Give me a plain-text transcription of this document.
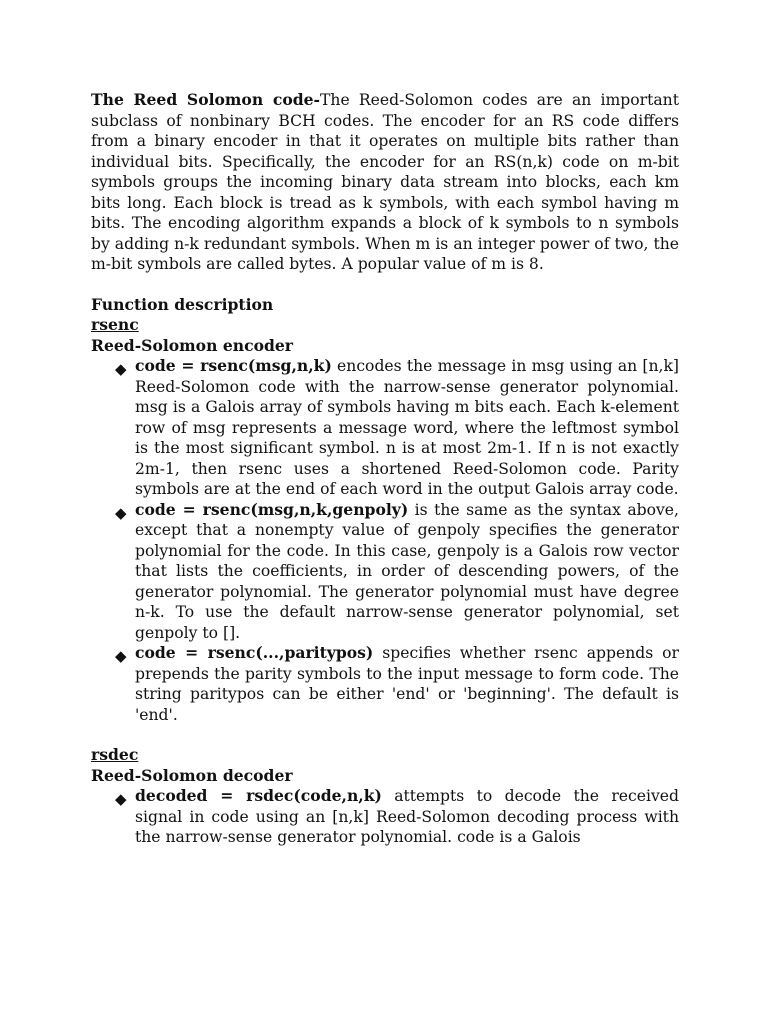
The Reed Solomon code-The Reed-Solomon codes are an important subclass of nonbinary BCH codes. The encoder for an RS code differs from a binary encoder in that it operates on multiple bits rather than individual bits. Specifically, the encoder for an RS(n,k) code on m-bit symbols groups the incoming binary data stream into blocks, each km bits long. Each block is tread as k symbols, with each symbol having m bits. The encoding algorithm expands a block of k symbols to n symbols by adding n-k redundant symbols. When m is an integer power of two, the m-bit symbols are called bytes. A popular value of m is 8.

Function description

rsenc

Reed-Solomon encoder

◆ code = rsenc(msg,n,k) encodes the message in msg using an [n,k] Reed-Solomon code with the narrow-sense generator polynomial. msg is a Galois array of symbols having m bits each. Each k-element row of msg represents a message word, where the leftmost symbol is the most significant symbol. n is at most 2m-1. If n is not exactly 2m-1, then rsenc uses a shortened Reed-Solomon code. Parity symbols are at the end of each word in the output Galois array code.
◆ code = rsenc(msg,n,k,genpoly) is the same as the syntax above, except that a nonempty value of genpoly specifies the generator polynomial for the code. In this case, genpoly is a Galois row vector that lists the coefficients, in order of descending powers, of the generator polynomial. The generator polynomial must have degree n-k. To use the default narrow-sense generator polynomial, set genpoly to [].
◆ code = rsenc(...,paritypos) specifies whether rsenc appends or prepends the parity symbols to the input message to form code. The string paritypos can be either 'end' or 'beginning'. The default is 'end'.

rsdec

Reed-Solomon decoder

◆ decoded = rsdec(code,n,k) attempts to decode the received signal in code using an [n,k] Reed-Solomon decoding process with the narrow-sense generator polynomial. code is a Galois
